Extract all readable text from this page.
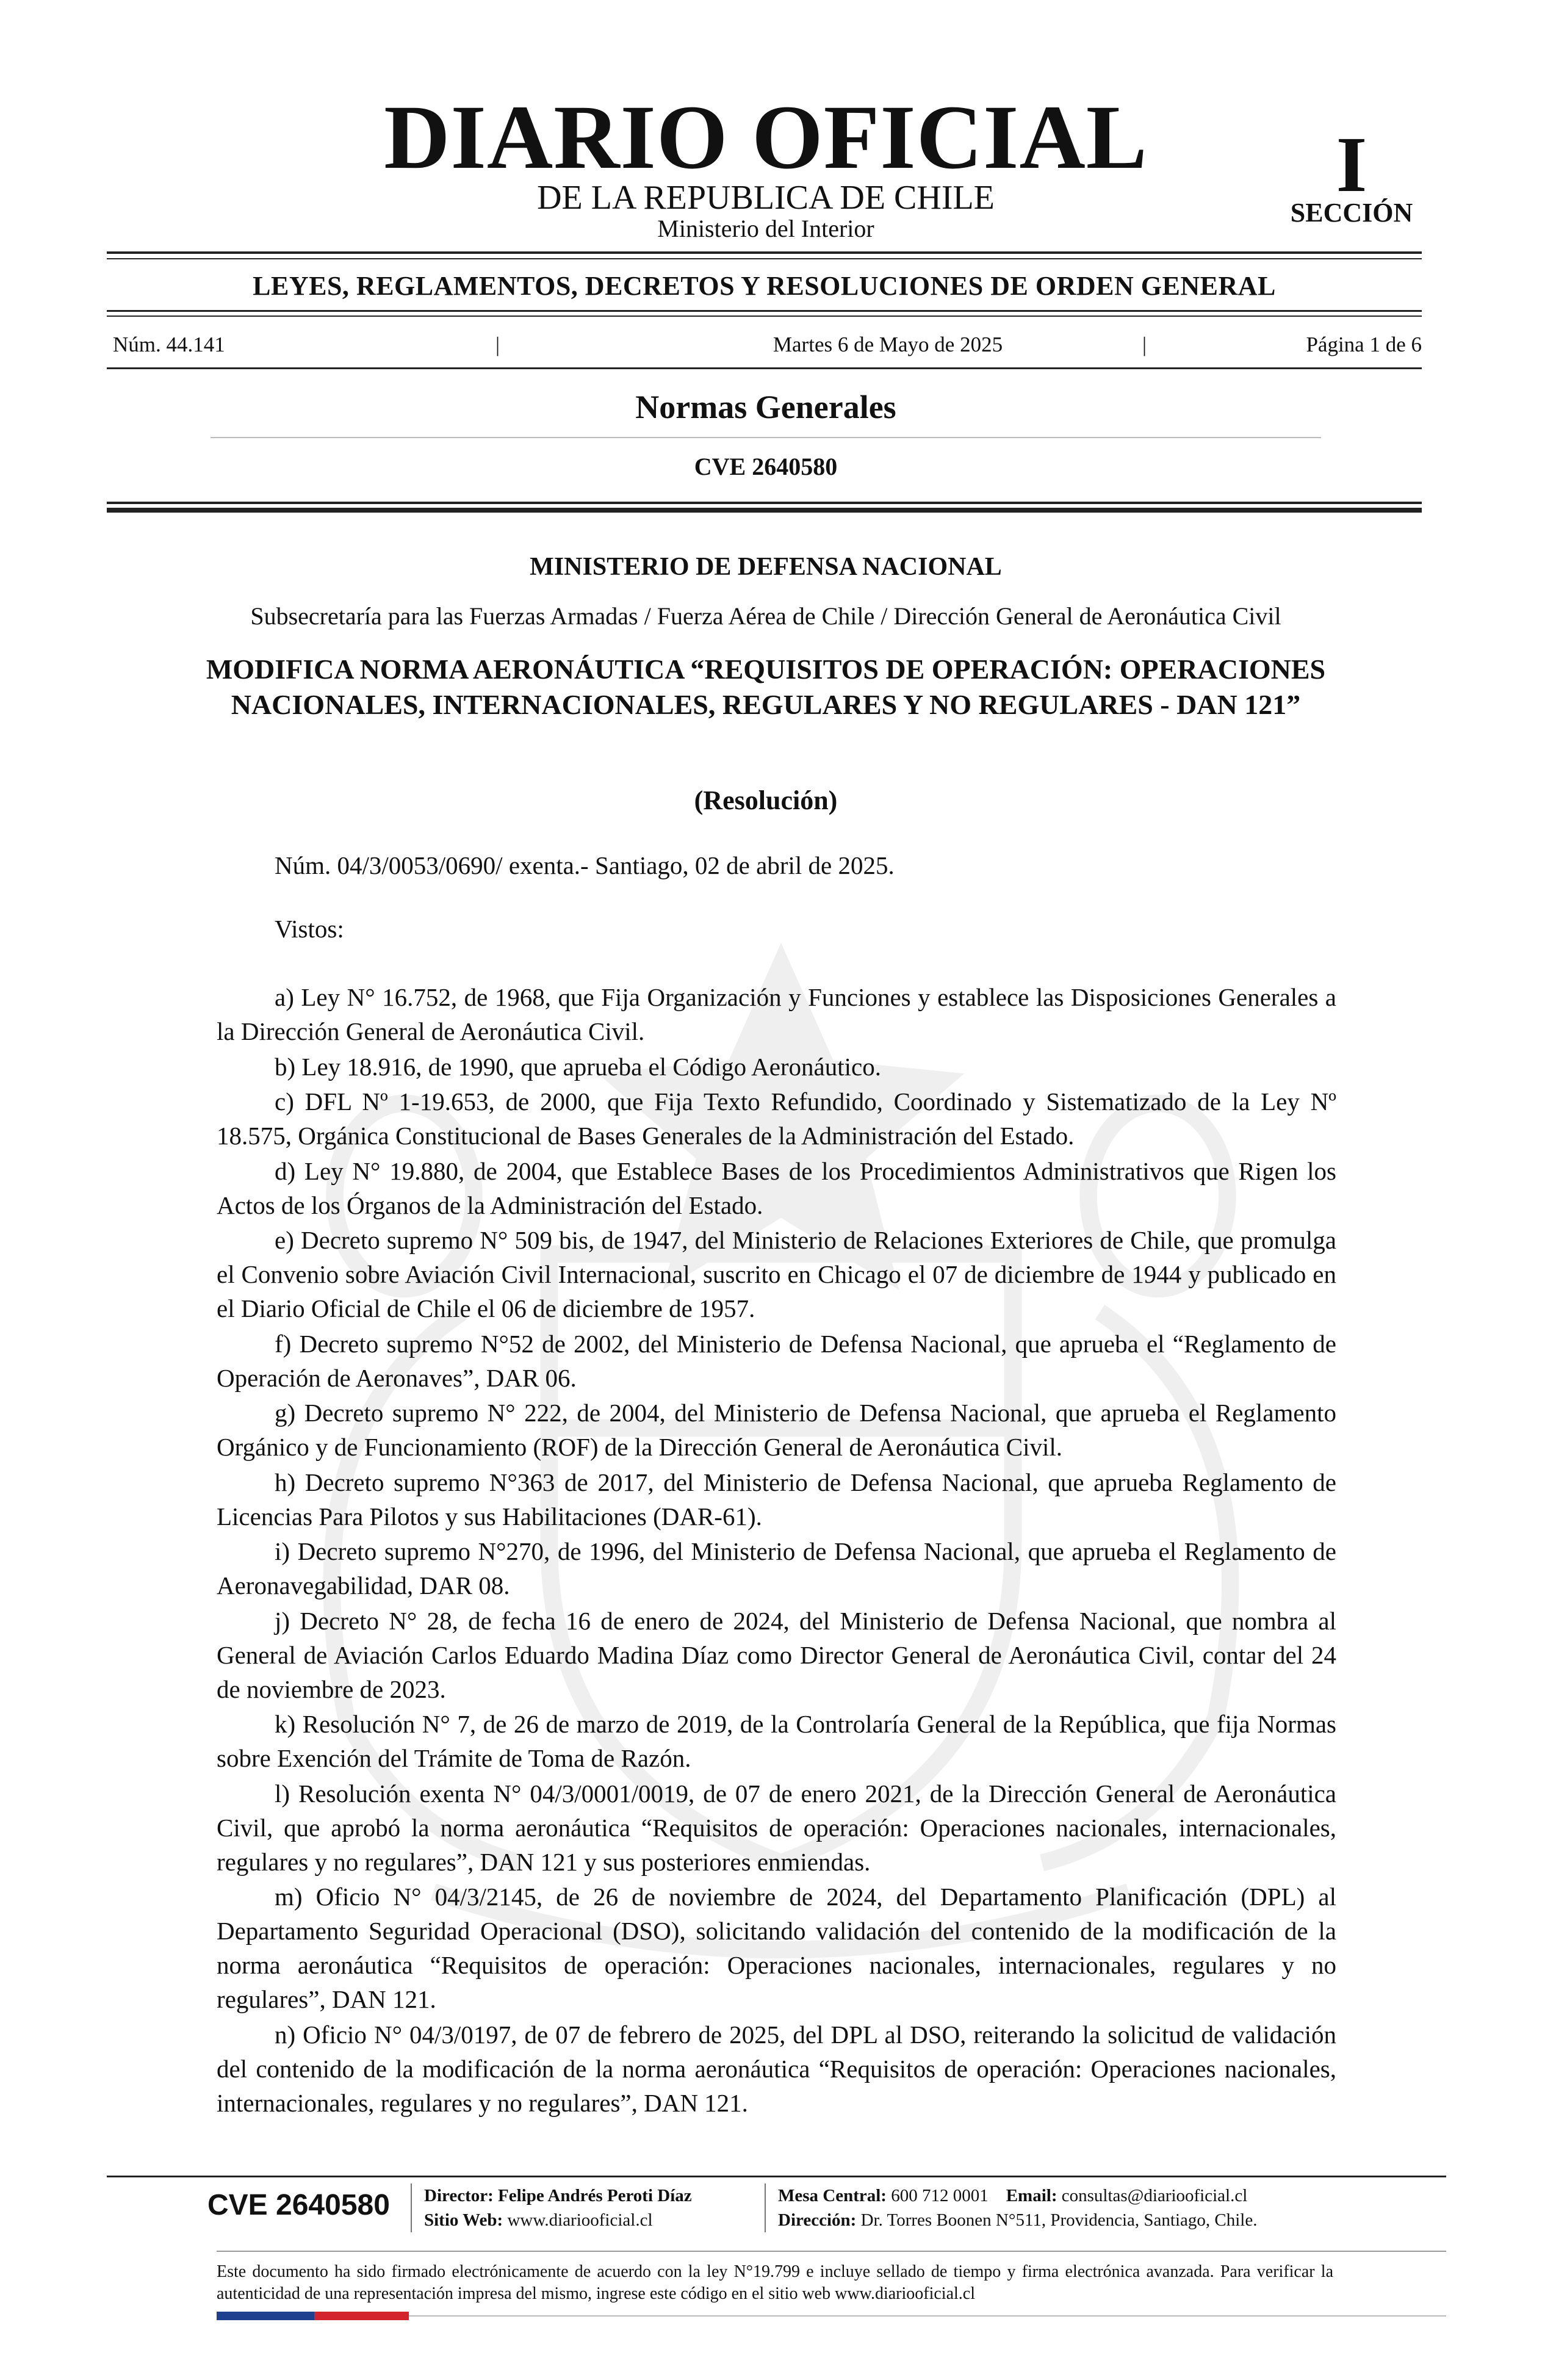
DIARIO OFICIAL
DE LA REPUBLICA DE CHILE
Ministerio del Interior
I
SECCIÓN
LEYES, REGLAMENTOS, DECRETOS Y RESOLUCIONES DE ORDEN GENERAL
Núm. 44.141	|	Martes 6 de Mayo de 2025	|	Página 1 de 6
Normas Generales
CVE 2640580
MINISTERIO DE DEFENSA NACIONAL
Subsecretaría para las Fuerzas Armadas / Fuerza Aérea de Chile / Dirección General de Aeronáutica Civil
MODIFICA NORMA AERONÁUTICA “REQUISITOS DE OPERACIÓN: OPERACIONES NACIONALES, INTERNACIONALES, REGULARES Y NO REGULARES - DAN 121”
(Resolución)
Núm. 04/3/0053/0690/ exenta.- Santiago, 02 de abril de 2025.
Vistos:

a) Ley N° 16.752, de 1968, que Fija Organización y Funciones y establece las Disposiciones Generales a la Dirección General de Aeronáutica Civil.

b) Ley 18.916, de 1990, que aprueba el Código Aeronáutico.

c) DFL Nº 1-19.653, de 2000, que Fija Texto Refundido, Coordinado y Sistematizado de la Ley Nº 18.575, Orgánica Constitucional de Bases Generales de la Administración del Estado.

d) Ley N° 19.880, de 2004, que Establece Bases de los Procedimientos Administrativos que Rigen los Actos de los Órganos de la Administración del Estado.

e) Decreto supremo N° 509 bis, de 1947, del Ministerio de Relaciones Exteriores de Chile, que promulga el Convenio sobre Aviación Civil Internacional, suscrito en Chicago el 07 de diciembre de 1944 y publicado en el Diario Oficial de Chile el 06 de diciembre de 1957.

f) Decreto supremo N°52 de 2002, del Ministerio de Defensa Nacional, que aprueba el “Reglamento de Operación de Aeronaves”, DAR 06.

g) Decreto supremo N° 222, de 2004, del Ministerio de Defensa Nacional, que aprueba el Reglamento Orgánico y de Funcionamiento (ROF) de la Dirección General de Aeronáutica Civil.

h) Decreto supremo N°363 de 2017, del Ministerio de Defensa Nacional, que aprueba Reglamento de Licencias Para Pilotos y sus Habilitaciones (DAR-61).

i) Decreto supremo N°270, de 1996, del Ministerio de Defensa Nacional, que aprueba el Reglamento de Aeronavegabilidad, DAR 08.

j) Decreto N° 28, de fecha 16 de enero de 2024, del Ministerio de Defensa Nacional, que nombra al General de Aviación Carlos Eduardo Madina Díaz como Director General de Aeronáutica Civil, contar del 24 de noviembre de 2023.

k) Resolución N° 7, de 26 de marzo de 2019, de la Controlaría General de la República, que fija Normas sobre Exención del Trámite de Toma de Razón.

l) Resolución exenta N° 04/3/0001/0019, de 07 de enero 2021, de la Dirección General de Aeronáutica Civil, que aprobó la norma aeronáutica “Requisitos de operación: Operaciones nacionales, internacionales, regulares y no regulares”, DAN 121 y sus posteriores enmiendas.

m) Oficio N° 04/3/2145, de 26 de noviembre de 2024, del Departamento Planificación (DPL) al Departamento Seguridad Operacional (DSO), solicitando validación del contenido de la modificación de la norma aeronáutica “Requisitos de operación: Operaciones nacionales, internacionales, regulares y no regulares”, DAN 121.

n) Oficio N° 04/3/0197, de 07 de febrero de 2025, del DPL al DSO, reiterando la solicitud de validación del contenido de la modificación de la norma aeronáutica “Requisitos de operación: Operaciones nacionales, internacionales, regulares y no regulares”, DAN 121.

CVE 2640580 Director: Felipe Andrés Peroti Díaz
Sitio Web: www.diariooficial.cl
Mesa Central: 600 712 0001 Email: consultas@diariooficial.cl
Dirección: Dr. Torres Boonen N°511, Providencia, Santiago, Chile.
Este documento ha sido firmado electrónicamente de acuerdo con la ley N°19.799 e incluye sellado de tiempo y firma electrónica avanzada. Para verificar la autenticidad de una representación impresa del mismo, ingrese este código en el sitio web www.diariooficial.cl
